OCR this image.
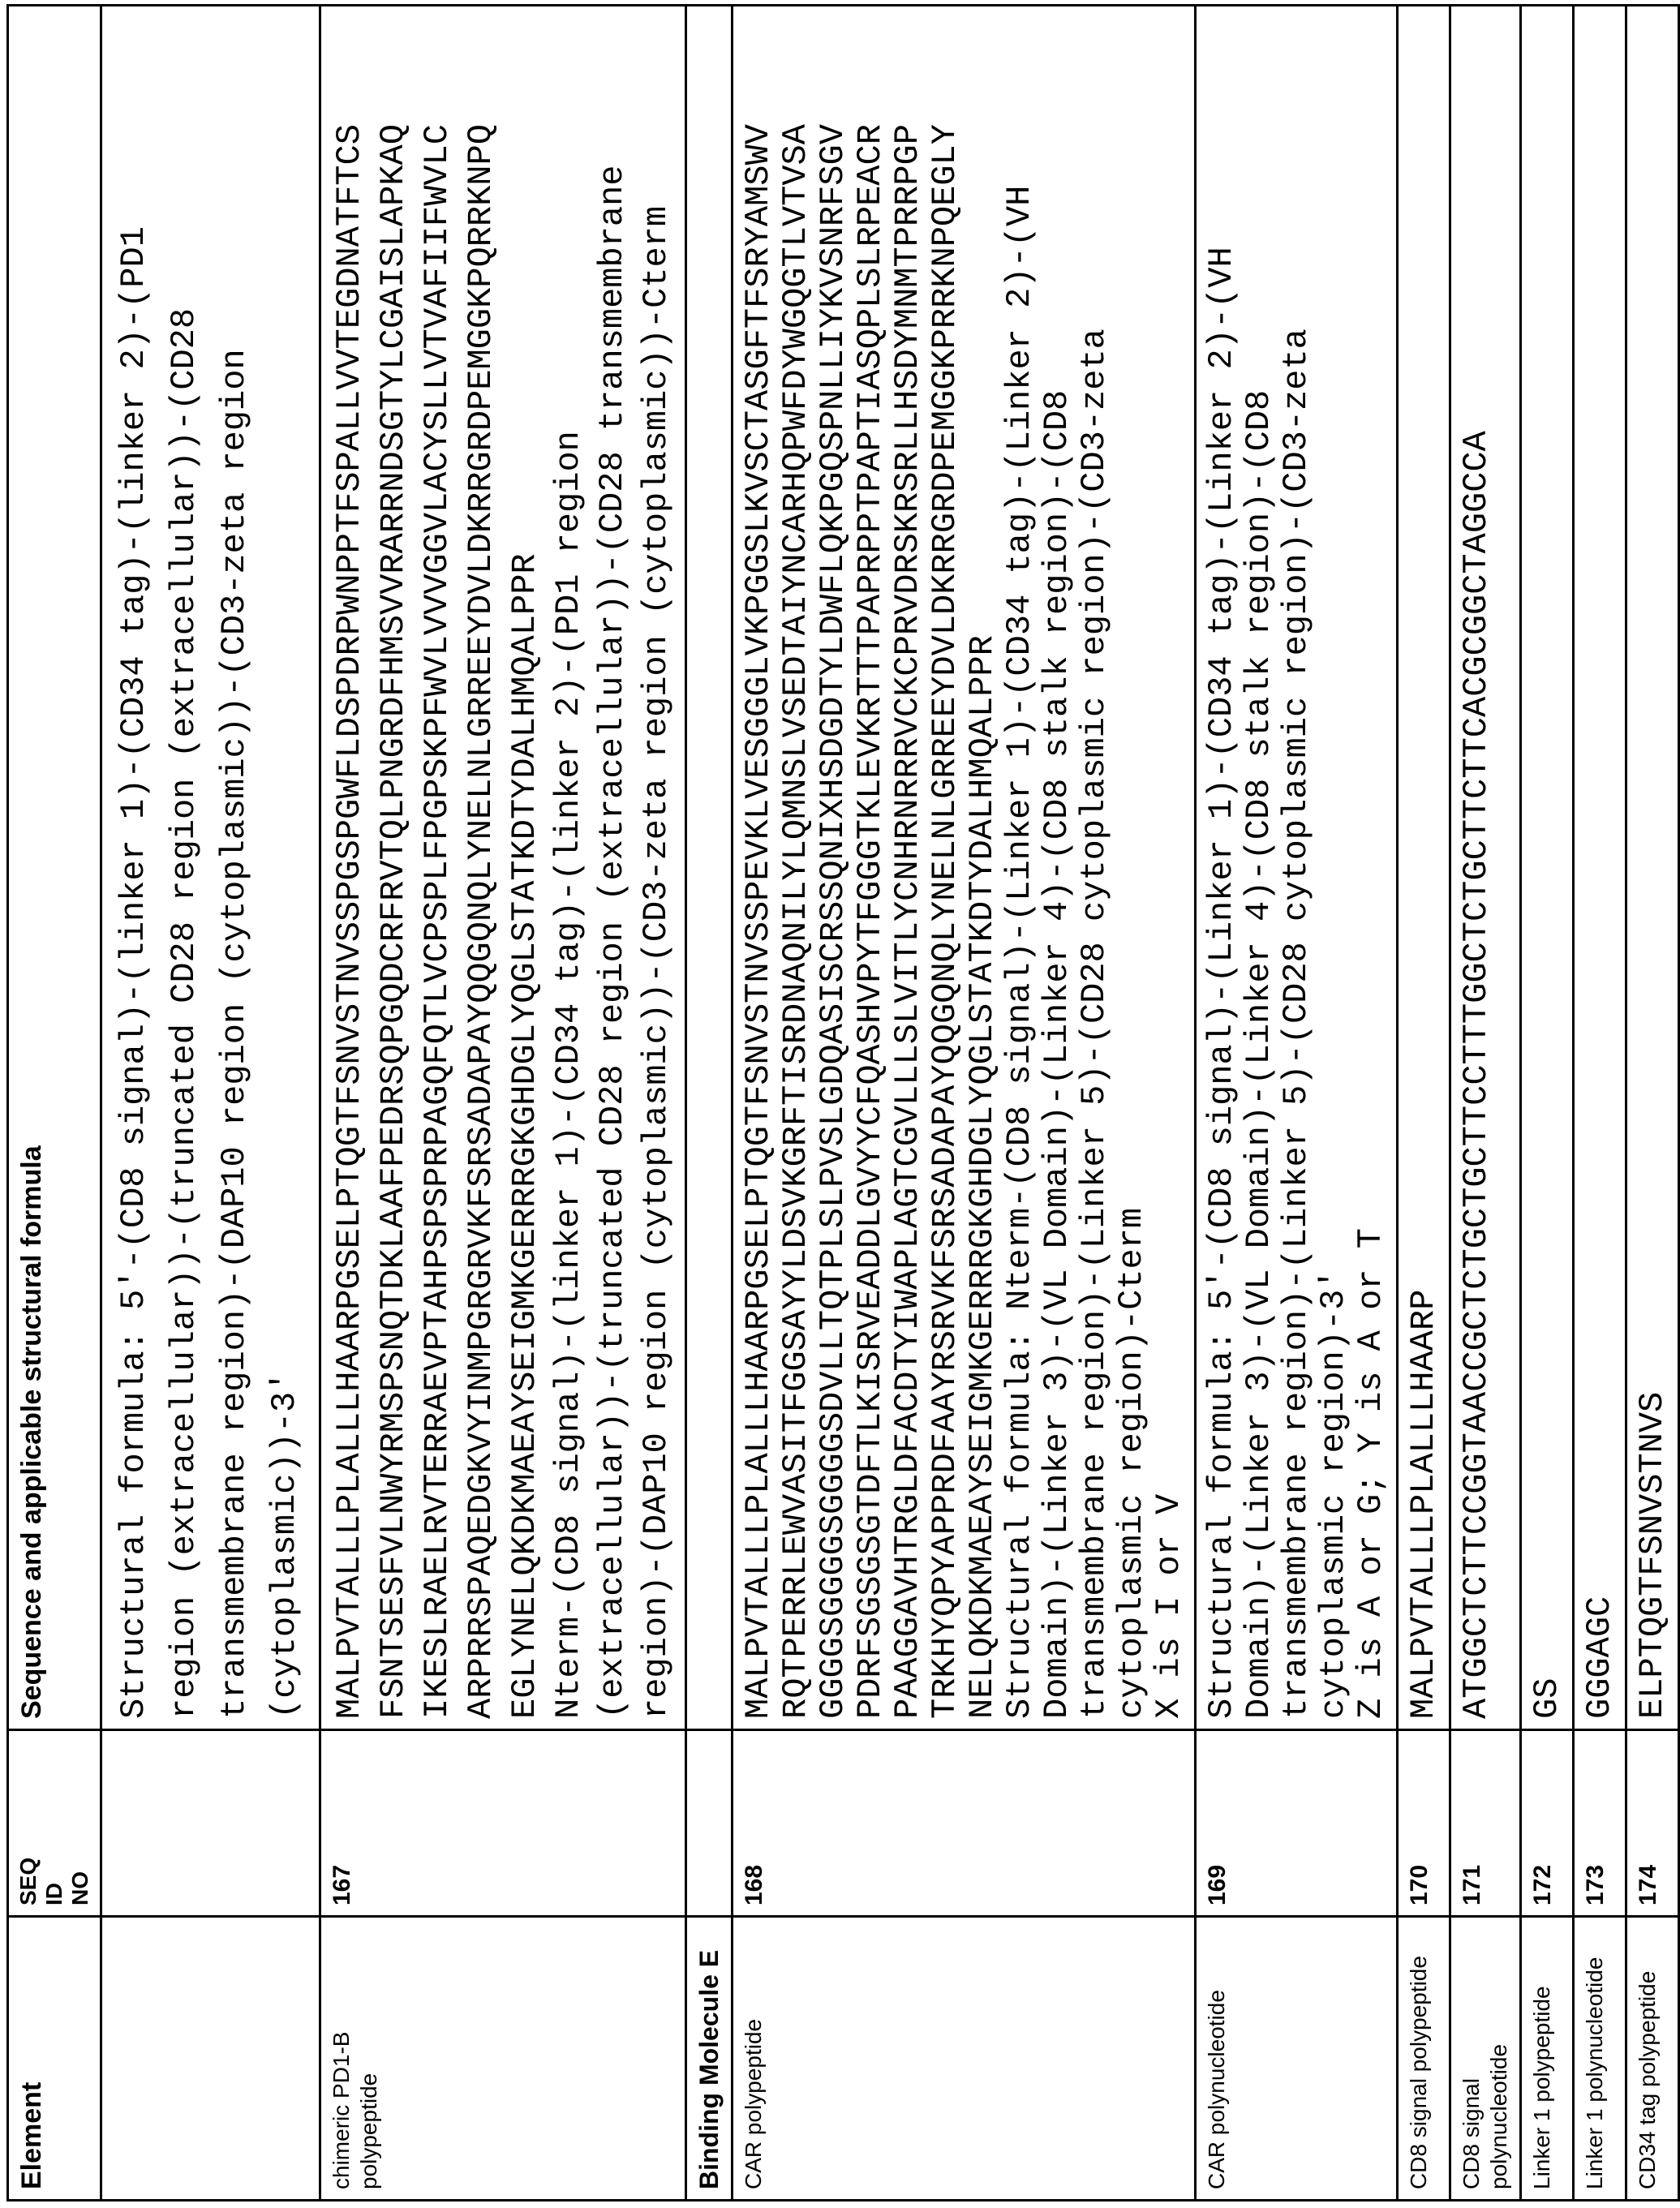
Element	SEQ
ID
NO	Sequence and applicable structural formula
		Structural formula: 5'-(CD8 signal)-(linker 1)-(CD34 tag)-(linker 2)-(PD1
region (extracellular))-(truncated CD28 region (extracellular))-(CD28
transmembrane region)-(DAP10 region (cytoplasmic))-(CD3-zeta region
(cytoplasmic))-3'
chimeric PD1-B polypeptide	167	MALPVTALLLPLALLLHAARPGSELPTQGTFSNVSTNVSSPGSPGWFLDSPDRPWNPPTFSPALLVVTEGDNATFTCS
FSNTSESFVLNWYRMSPSNQTDKLAAFPEDRSQPGQDCRFRVTQLPNGRDFHMSVVRARRNDSGTYLCGAISLAPKAQ
IKESLRAELRVTERRAEVPTAHPSPSPRPAGQFQTLVCPSPLFPGPSKPFWVLVVVGGVLACYSLLVTVAFIIFWVLC
ARPRRSPAQEDGKVYINMPGRGRVKFSRSADAPAYQQGQNQLYNELNLGRREEYDVLDKRRGRDPEMGGKPQRRKNPQ
EGLYNELQKDKMAEAYSEIGMKGERRRGKGHDGLYQGLSTATKDTYDALHMQALPPR
Nterm-(CD8 signal)-(linker 1)-(CD34 tag)-(linker 2)-(PD1 region
(extracellular))-(truncated CD28 region (extracellular))-(CD28 transmembrane
region)-(DAP10 region (cytoplasmic))-(CD3-zeta region (cytoplasmic))-Cterm
Binding Molecule E		
CAR polypeptide	168	MALPVTALLLPLALLLHAARPGSELPTQGTFSNVSTNVSSPEVKLVESGGGLVKPGGSLKVSCTASGFTFSRYAMSWV
RQTPERRLEWVASITFGGSAYYLDSVKGRFTISRDNAQNILYLQMNSLVSEDTAIYNCARHQPWFDYWGQGTLVTVSA
GGGGSGGGGSGGGGSDVLLTQTPLSLPVSLGDQASISCRSSQNIXHSDGDTYLDWFLQKPGQSPNLLIYKVSNRFSGV
PDRFSGSGSGTDFTLKISRVEADDLGVYYCFQASHVPYTFGGGTKLEVKRTTTPAPRPPTPAPTIASQPLSLRPEACR
PAAGGAVHTRGLDFACDTYIWAPLAGTCGVLLLSLVITLYCNHRNRRRVCKCPRVDRSKRSRLLHSDYMNMTPRRPGP
TRKHYQPYAPPRDFAAYRSRVKFSRSADAPAYQQGQNQLYNELNLGRREEYDVLDKRRGRDPEMGGKPRRKNPQEGLY
NELQKDKMAEAYSEIGMKGERRRGKGHDGLYQGLSTATKDTYDALHMQALPPR
Structural formula: Nterm-(CD8 signal)-(Linker 1)-(CD34 tag)-(Linker 2)-(VH
Domain)-(Linker 3)-(VL Domain)-(Linker 4)-(CD8 stalk region)-(CD8
transmembrane region)-(Linker 5)-(CD28 cytoplasmic region)-(CD3-zeta
cytoplasmic region)-Cterm
X is I or V
CAR polynucleotide	169	Structural formula: 5'-(CD8 signal)-(Linker 1)-(CD34 tag)-(Linker 2)-(VH
Domain)-(Linker 3)-(VL Domain)-(Linker 4)-(CD8 stalk region)-(CD8
transmembrane region)-(Linker 5)-(CD28 cytoplasmic region)-(CD3-zeta
cytoplasmic region)-3'
Z is A or G; Y is A or T
CD8 signal polypeptide	170	MALPVTALLLPLALLLHAARP
CD8 signal polynucleotide	171	ATGGCTCTTCCGGTAACCGCTCTGCTGCTTCCTTTGGCTCTGCTTCTTCACGCGGCTAGGCCA
Linker 1 polypeptide	172	GS
Linker 1 polynucleotide	173	GGGAGC
CD34 tag polypeptide	174	ELPTQGTFSNVSTNVS
